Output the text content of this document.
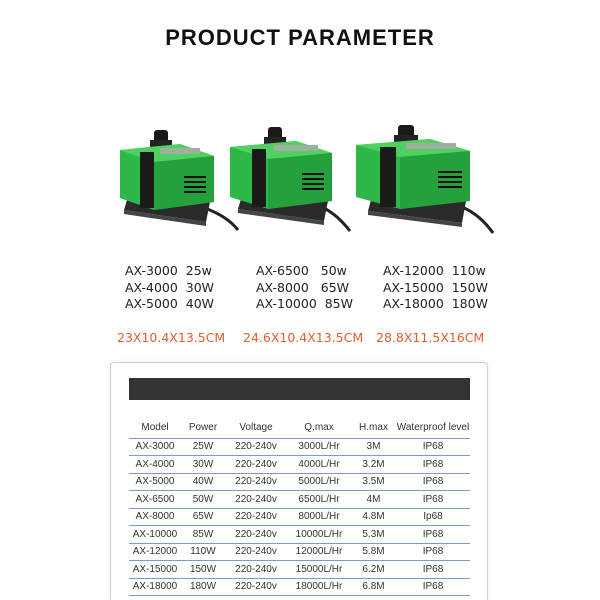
PRODUCT PARAMETER
AX-3000 25w
AX-4000 30W
AX-5000 40W
AX-6500 50w
AX-8000 65W
AX-10000 85W
AX-12000 110w
AX-15000 150W
AX-18000 180W
23X10.4X13.5CM 24.6X10.4X13.5CM 28.8X11.5X16CM
Model	Power	Voltage	Q.max	H.max	Waterproof level
AX-3000	25W	220-240v	3000L/Hr	3M	IP68
AX-4000	30W	220-240v	4000L/Hr	3.2M	IP68
AX-5000	40W	220-240v	5000L/Hr	3.5M	IP68
AX-6500	50W	220-240v	6500L/Hr	4M	IP68
AX-8000	65W	220-240v	8000L/Hr	4.8M	Ip68
AX-10000	85W	220-240v	10000L/Hr	5.3M	IP68
AX-12000	110W	220-240v	12000L/Hr	5.8M	IP68
AX-15000	150W	220-240v	15000L/Hr	6.2M	IP68
AX-18000	180W	220-240v	18000L/Hr	6.8M	IP68
